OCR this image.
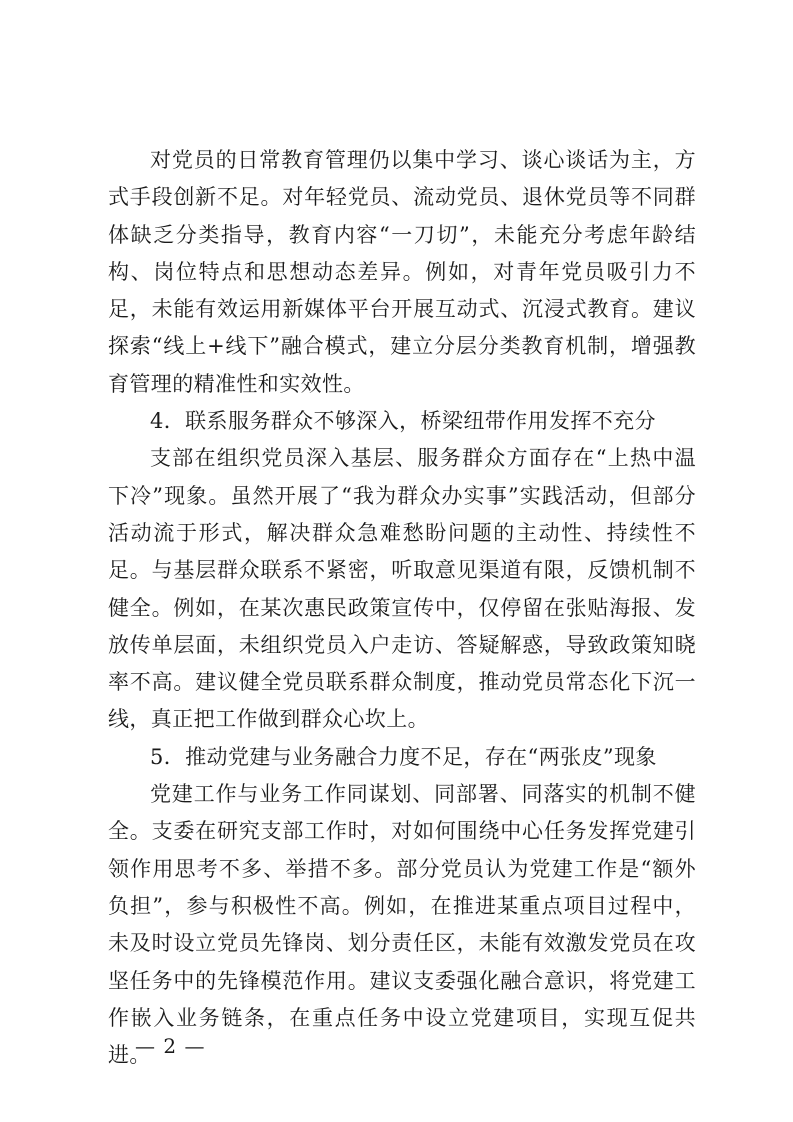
对党员的日常教育管理仍以集中学习、谈心谈话为主，方式手段创新不足。对年轻党员、流动党员、退休党员等不同群体缺乏分类指导，教育内容“一刀切”，未能充分考虑年龄结构、岗位特点和思想动态差异。例如，对青年党员吸引力不足，未能有效运用新媒体平台开展互动式、沉浸式教育。建议探索“线上+线下”融合模式，建立分层分类教育机制，增强教育管理的精准性和实效性。

4．联系服务群众不够深入，桥梁纽带作用发挥不充分

支部在组织党员深入基层、服务群众方面存在“上热中温下冷”现象。虽然开展了“我为群众办实事”实践活动，但部分活动流于形式，解决群众急难愁盼问题的主动性、持续性不足。与基层群众联系不紧密，听取意见渠道有限，反馈机制不健全。例如，在某次惠民政策宣传中，仅停留在张贴海报、发放传单层面，未组织党员入户走访、答疑解惑，导致政策知晓率不高。建议健全党员联系群众制度，推动党员常态化下沉一线，真正把工作做到群众心坎上。

5．推动党建与业务融合力度不足，存在“两张皮”现象

党建工作与业务工作同谋划、同部署、同落实的机制不健全。支委在研究支部工作时，对如何围绕中心任务发挥党建引领作用思考不多、举措不多。部分党员认为党建工作是“额外负担”，参与积极性不高。例如，在推进某重点项目过程中，未及时设立党员先锋岗、划分责任区，未能有效激发党员在攻坚任务中的先锋模范作用。建议支委强化融合意识，将党建工作嵌入业务链条，在重点任务中设立党建项目，实现互促共进。

— 2 —
